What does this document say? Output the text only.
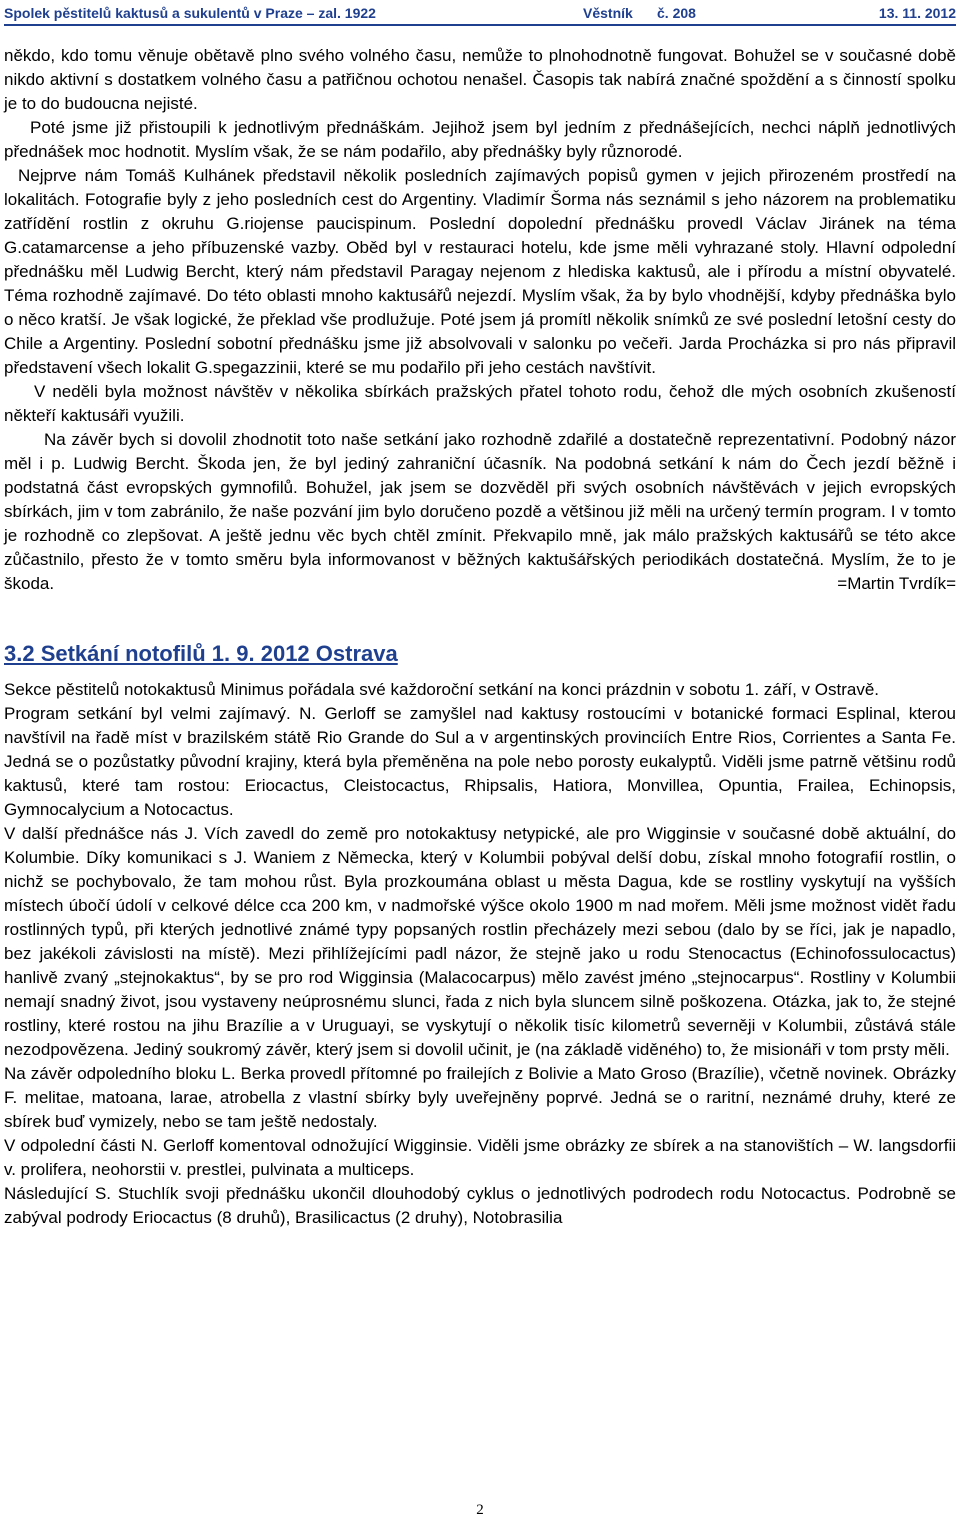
Spolek pěstitelů kaktusů a sukulentů v Praze – zal. 1922	Věstník č. 208	13. 11. 2012

někdo, kdo tomu věnuje obětavě plno svého volného času, nemůže to plnohodnotně fungovat. Bohužel se v současné době nikdo aktivní s dostatkem volného času a patřičnou ochotou nenašel. Časopis tak nabírá značné spoždění a s činností spolku je to do budoucna nejisté.

Poté jsme již přistoupili k jednotlivým přednáškám. Jejihož jsem byl jedním z přednášejících, nechci náplň jednotlivých přednášek moc hodnotit. Myslím však, že se nám podařilo, aby přednášky byly různorodé.

Nejprve nám Tomáš Kulhánek představil několik posledních zajímavých popisů gymen v jejich přirozeném prostředí na lokalitách. Fotografie byly z jeho posledních cest do Argentiny. Vladimír Šorma nás seznámil s jeho názorem na problematiku zatřídění rostlin z okruhu G.riojense paucispinum. Poslední dopolední přednášku provedl Václav Jiránek na téma G.catamarcense a jeho příbuzenské vazby. Oběd byl v restauraci hotelu, kde jsme měli vyhrazané stoly. Hlavní odpolední přednášku měl Ludwig Bercht, který nám představil Paragay nejenom z hlediska kaktusů, ale i přírodu a místní obyvatelé. Téma rozhodně zajímavé. Do této oblasti mnoho kaktusářů nejezdí. Myslím však, ža by bylo vhodnější, kdyby přednáška bylo o něco kratší. Je však logické, že překlad vše prodlužuje. Poté jsem já promítl několik snímků ze své poslední letošní cesty do Chile a Argentiny. Poslední sobotní přednášku jsme již absolvovali v salonku po večeři. Jarda Procházka si pro nás připravil představení všech lokalit G.spegazzinii, které se mu podařilo při jeho cestách navštívit.

V neděli byla možnost návštěv v několika sbírkách pražských přatel tohoto rodu, čehož dle mých osobních zkušeností někteří kaktusáři využili.

Na závěr bych si dovolil zhodnotit toto naše setkání jako rozhodně zdařilé a dostatečně reprezentativní. Podobný názor měl i p. Ludwig Bercht. Škoda jen, že byl jediný zahraniční účasník. Na podobná setkání k nám do Čech jezdí běžně i podstatná část evropských gymnofilů. Bohužel, jak jsem se dozvěděl při svých osobních návštěvách v jejich evropských sbírkách, jim v tom zabránilo, že naše pozvání jim bylo doručeno pozdě a většinou již měli na určený termín program. I v tomto je rozhodně co zlepšovat. A ještě jednu věc bych chtěl zmínit. Překvapilo mně, jak málo pražských kaktusářů se této akce zůčastnilo, přesto že v tomto směru byla informovanost v běžných kaktušářských periodikách dostatečná. Myslím, že to je škoda.	=Martin Tvrdík=

3.2 Setkání notofilů 1. 9. 2012 Ostrava

Sekce pěstitelů notokaktusů Minimus pořádala své každoroční setkání na konci prázdnin v sobotu 1. září, v Ostravě.

Program setkání byl velmi zajímavý. N. Gerloff se zamyšlel nad kaktusy rostoucími v botanické formaci Esplinal, kterou navštívil na řadě míst v brazilském státě Rio Grande do Sul a v argentinských provinciích Entre Rios, Corrientes a Santa Fe. Jedná se o pozůstatky původní krajiny, která byla přeměněna na pole nebo porosty eukalyptů. Viděli jsme patrně většinu rodů kaktusů, které tam rostou: Eriocactus, Cleistocactus, Rhipsalis, Hatiora, Monvillea, Opuntia, Frailea, Echinopsis, Gymnocalycium a Notocactus.

V další přednášce nás J. Vích zavedl do země pro notokaktusy netypické, ale pro Wigginsie v současné době aktuální, do Kolumbie. Díky komunikaci s J. Waniem z Německa, který v Kolumbii pobýval delší dobu, získal mnoho fotografií rostlin, o nichž se pochybovalo, že tam mohou růst. Byla prozkoumána oblast u města Dagua, kde se rostliny vyskytují na vyšších místech úbočí údolí v celkové délce cca 200 km, v nadmořské výšce okolo 1900 m nad mořem. Měli jsme možnost vidět řadu rostlinných typů, při kterých jednotlivé známé typy popsaných rostlin přecházely mezi sebou (dalo by se říci, jak je napadlo, bez jakékoli závislosti na místě). Mezi přihlížejícími padl názor, že stejně jako u rodu Stenocactus (Echinofossulocactus) hanlivě zvaný „stejnokaktus“, by se pro rod Wigginsia (Malacocarpus) mělo zavést jméno „stejnocarpus“. Rostliny v Kolumbii nemají snadný život, jsou vystaveny neúprosnému slunci, řada z nich byla sluncem silně poškozena. Otázka, jak to, že stejné rostliny, které rostou na jihu Brazílie a v Uruguayi, se vyskytují o několik tisíc kilometrů severněji v Kolumbii, zůstává stále nezodpovězena. Jediný soukromý závěr, který jsem si dovolil učinit, je (na základě viděného) to, že misionáři v tom prsty měli.

Na závěr odpoledního bloku L. Berka provedl přítomné po frailejích z Bolivie a Mato Groso (Brazílie), včetně novinek. Obrázky F. melitae, matoana, larae, atrobella z vlastní sbírky byly uveřejněny poprvé. Jedná se o raritní, neznámé druhy, které ze sbírek buď vymizely, nebo se tam ještě nedostaly.

V odpolední části N. Gerloff komentoval odnožující Wigginsie. Viděli jsme obrázky ze sbírek a na stanovištích – W. langsdorfii v. prolifera, neohorstii v. prestlei, pulvinata a multiceps.

Následující S. Stuchlík svoji přednášku ukončil dlouhodobý cyklus o jednotlivých podrodech rodu Notocactus. Podrobně se zabýval podrody Eriocactus (8 druhů), Brasilicactus (2 druhy), Notobrasilia

2
